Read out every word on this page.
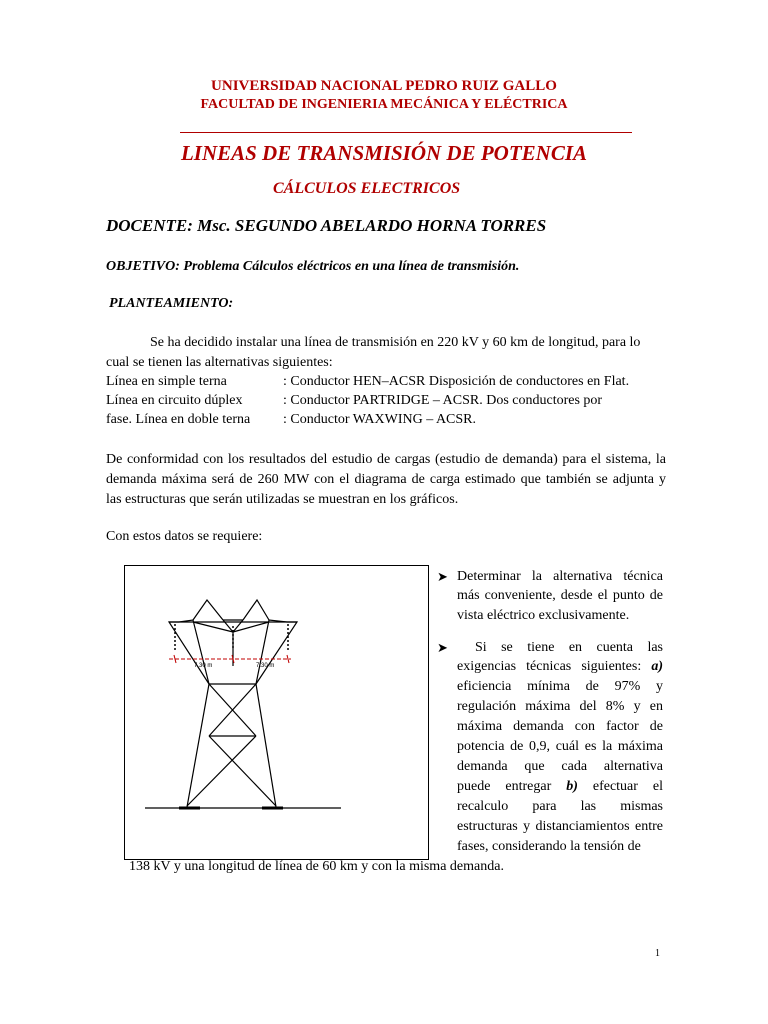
UNIVERSIDAD NACIONAL PEDRO RUIZ GALLO
FACULTAD DE INGENIERIA MECÁNICA Y ELÉCTRICA
LINEAS DE TRANSMISIÓN DE POTENCIA
CÁLCULOS ELECTRICOS
DOCENTE: Msc. SEGUNDO ABELARDO HORNA TORRES
OBJETIVO: Problema Cálculos eléctricos en una línea de transmisión.
PLANTEAMIENTO:
Se ha decidido instalar una línea de transmisión en 220 kV y 60 km de longitud, para lo
cual se tienen las alternativas siguientes:
Línea en simple terna	: Conductor HEN–ACSR Disposición de conductores en Flat.
Línea en circuito dúplex	: Conductor PARTRIDGE – ACSR. Dos conductores por
fase. Línea en doble terna : Conductor WAXWING – ACSR.
De conformidad con los resultados del estudio de cargas (estudio de demanda) para el sistema, la
demanda máxima será de 260 MW con el diagrama de carga estimado que también se adjunta y
las estructuras que serán utilizadas se muestran en los gráficos.
Con estos datos se requiere:
7.30 m	7.30 m
➤ Determinar la alternativa técnica
más conveniente, desde el punto de
vista eléctrico exclusivamente.
➤	Si se tiene en cuenta las
exigencias técnicas siguientes: a)
eficiencia mínima de 97% y
regulación máxima del 8% y en
máxima demanda con factor de
potencia de 0,9, cuál es la máxima
demanda que cada alternativa
puede entregar b) efectuar el
recalculo para las mismas
estructuras y distanciamientos entre
fases, considerando la tensión de
138 kV y una longitud de línea de 60 km y con la misma demanda.
1
